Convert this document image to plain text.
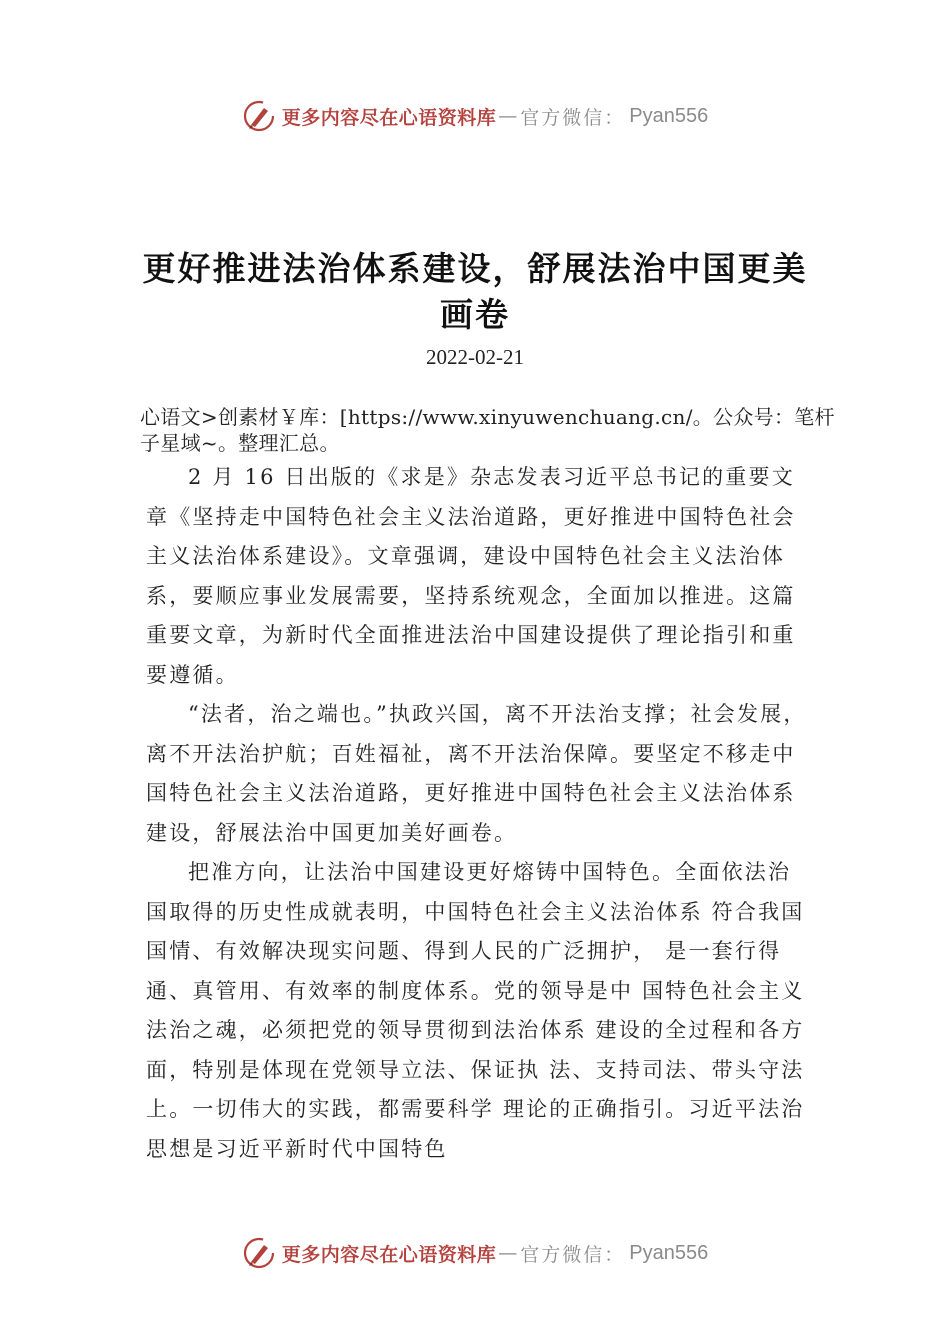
更多内容尽在心语资料库 — 官方微信： Pyan556
更好推进法治体系建设，舒展法治中国更美画卷
2022-02-21
心语文>创素材￥库：[https://www.xinyuwenchuang.cn/。公众号：笔杆子星域~。整理汇总。

2 月 16 日出版的《求是》杂志发表习近平总书记的重要文章《坚持走中国特色社会主义法治道路，更好推进中国特色社会主义法治体系建设》。文章强调，建设中国特色社会主义法治体系，要顺应事业发展需要，坚持系统观念，全面加以推进。这篇重要文章，为新时代全面推进法治中国建设提供了理论指引和重要遵循。

“法者，治之端也。”执政兴国，离不开法治支撑；社会发展，离不开法治护航；百姓福祉，离不开法治保障。要坚定不移走中国特色社会主义法治道路，更好推进中国特色社会主义法治体系建设，舒展法治中国更加美好画卷。

把准方向，让法治中国建设更好熔铸中国特色。全面依法治国取得的历史性成就表明，中国特色社会主义法治体系 符合我国国情、有效解决现实问题、得到人民的广泛拥护， 是一套行得通、真管用、有效率的制度体系。党的领导是中 国特色社会主义法治之魂，必须把党的领导贯彻到法治体系 建设的全过程和各方面，特别是体现在党领导立法、保证执 法、支持司法、带头守法上。一切伟大的实践，都需要科学 理论的正确指引。习近平法治思想是习近平新时代中国特色

更多内容尽在心语资料库 — 官方微信： Pyan556
